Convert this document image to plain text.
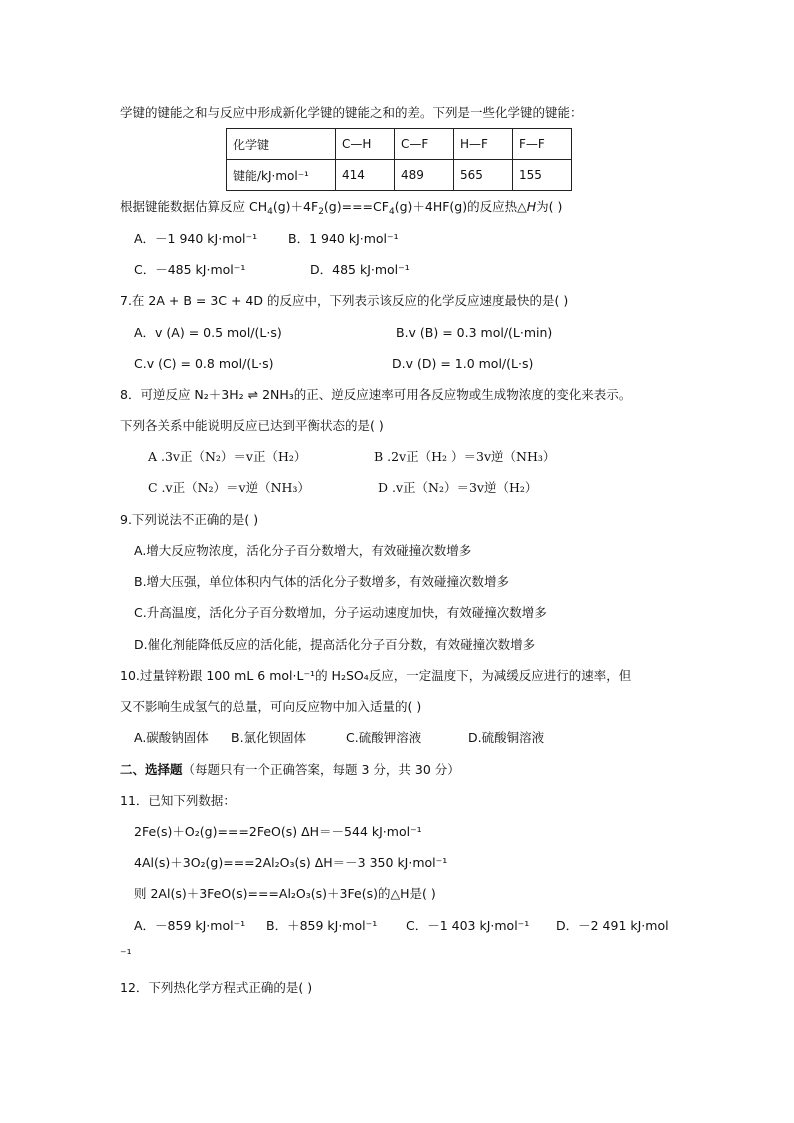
学键的键能之和与反应中形成新化学键的键能之和的差。下列是一些化学键的键能：
化学键	C—H	C—F	H—F	F—F
键能/kJ·mol⁻¹	414	489	565	155
根据键能数据估算反应 $CH_4(g)+4F_2(g)===CF_4(g)+4HF(g)$的反应热△H为( )
A．－1 940 kJ·mol⁻¹ B．1 940 kJ·mol⁻¹
C．－485 kJ·mol⁻¹	D．485 kJ·mol⁻¹
7.在 2A + B = 3C + 4D 的反应中，下列表示该反应的化学反应速度最快的是( )
A．v (A) = 0.5 mol/(L·s)	B.v (B) = 0.3 mol/(L·min)
C.v (C) = 0.8 mol/(L·s)	D.v (D) = 1.0 mol/(L·s)
8．可逆反应 N₂＋3H₂ ⇌ 2NH₃的正、逆反应速率可用各反应物或生成物浓度的变化来表示。
下列各关系中能说明反应已达到平衡状态的是( )
A .3v正（N₂）＝v正（H₂）	B .2v正（H₂ ）＝3v逆（NH₃）
C .v正（N₂）＝v逆（NH₃）	D .v正（N₂）＝3v逆（H₂）
9.下列说法不正确的是( )
A.增大反应物浓度，活化分子百分数增大，有效碰撞次数增多
B.增大压强，单位体积内气体的活化分子数增多，有效碰撞次数增多
C.升高温度，活化分子百分数增加，分子运动速度加快，有效碰撞次数增多
D.催化剂能降低反应的活化能，提高活化分子百分数，有效碰撞次数增多
10.过量锌粉跟 100 mL 6 mol·L⁻¹的 H₂SO₄反应，一定温度下，为减缓反应进行的速率，但
又不影响生成氢气的总量，可向反应物中加入适量的( )
A.碳酸钠固体 B.氯化钡固体	C.硫酸钾溶液	D.硫酸铜溶液
二、选择题（每题只有一个正确答案，每题 3 分，共 30 分）
11．已知下列数据：
2Fe(s)＋O₂(g)===2FeO(s) ΔH＝－544 kJ·mol⁻¹
4Al(s)＋3O₂(g)===2Al₂O₃(s) ΔH＝－3 350 kJ·mol⁻¹
则 2Al(s)＋3FeO(s)===Al₂O₃(s)＋3Fe(s)的△H是( )
A．－859 kJ·mol⁻¹ B．＋859 kJ·mol⁻¹ C．－1 403 kJ·mol⁻¹ D．－2 491 kJ·mol
⁻¹
12．下列热化学方程式正确的是( )
